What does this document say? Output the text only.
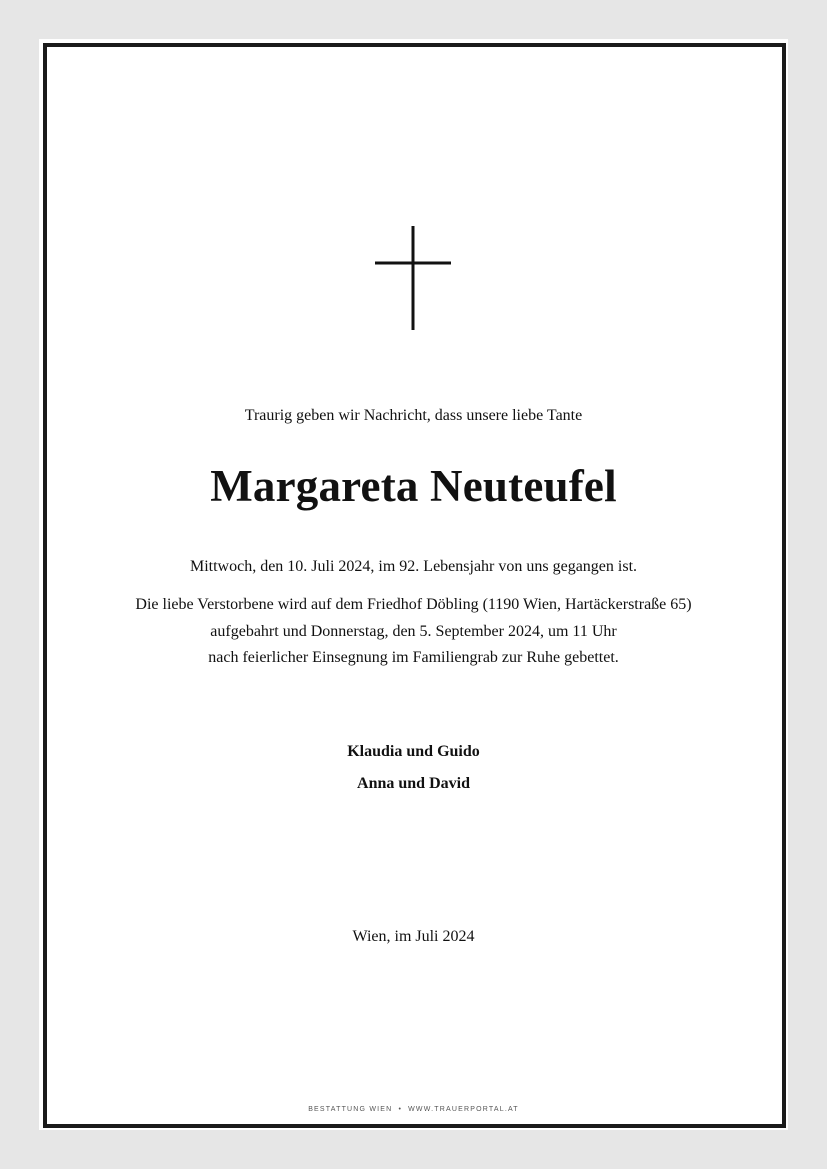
Traurig geben wir Nachricht, dass unsere liebe Tante
Margareta Neuteufel
Mittwoch, den 10. Juli 2024, im 92. Lebensjahr von uns gegangen ist.
Die liebe Verstorbene wird auf dem Friedhof Döbling (1190 Wien, Hartäckerstraße 65)
aufgebahrt und Donnerstag, den 5. September 2024, um 11 Uhr
nach feierlicher Einsegnung im Familiengrab zur Ruhe gebettet.
Klaudia und Guido
Anna und David
Wien, im Juli 2024
BESTATTUNG WIEN • WWW.TRAUERPORTAL.AT
